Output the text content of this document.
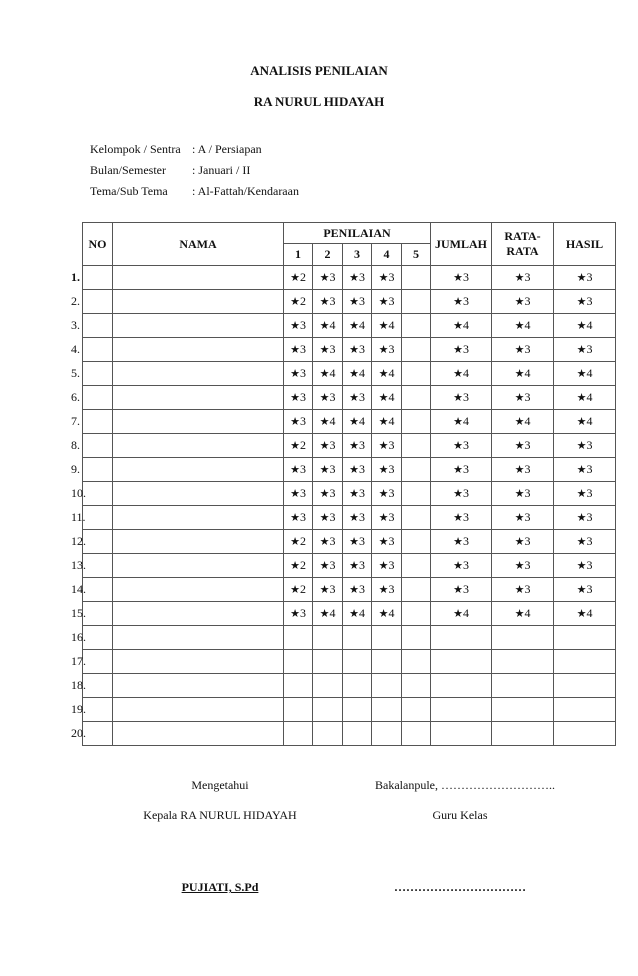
ANALISIS PENILAIAN
RA NURUL HIDAYAH
Kelompok / Sentra : A / Persiapan
Bulan/Semester : Januari / II
Tema/Sub Tema : Al-Fattah/Kendaraan
NO	NAMA	PENILAIAN					JUMLAH	RATA-
RATA	HASIL
		1	2	3	4	5			

1.		★2	★3	★3	★3		★3	★3	★3

2.		★2	★3	★3	★3		★3	★3	★3

3.		★3	★4	★4	★4		★4	★4	★4

4.		★3	★3	★3	★3		★3	★3	★3

5.		★3	★4	★4	★4		★4	★4	★4

6.		★3	★3	★3	★4		★3	★3	★4

7.		★3	★4	★4	★4		★4	★4	★4

8.		★2	★3	★3	★3		★3	★3	★3

9.		★3	★3	★3	★3		★3	★3	★3

10.		★3	★3	★3	★3		★3	★3	★3

11.		★3	★3	★3	★3		★3	★3	★3

12.		★2	★3	★3	★3		★3	★3	★3

13.		★2	★3	★3	★3		★3	★3	★3

14.		★2	★3	★3	★3		★3	★3	★3

15.		★3	★4	★4	★4		★4	★4	★4

16.									

17.									

18.									

19.									

20.									

Mengetahui
Kepala RA NURUL HIDAYAH
Bakalanpule, ………………………..
Guru Kelas
PUJIATI, S.Pd	……………………………
